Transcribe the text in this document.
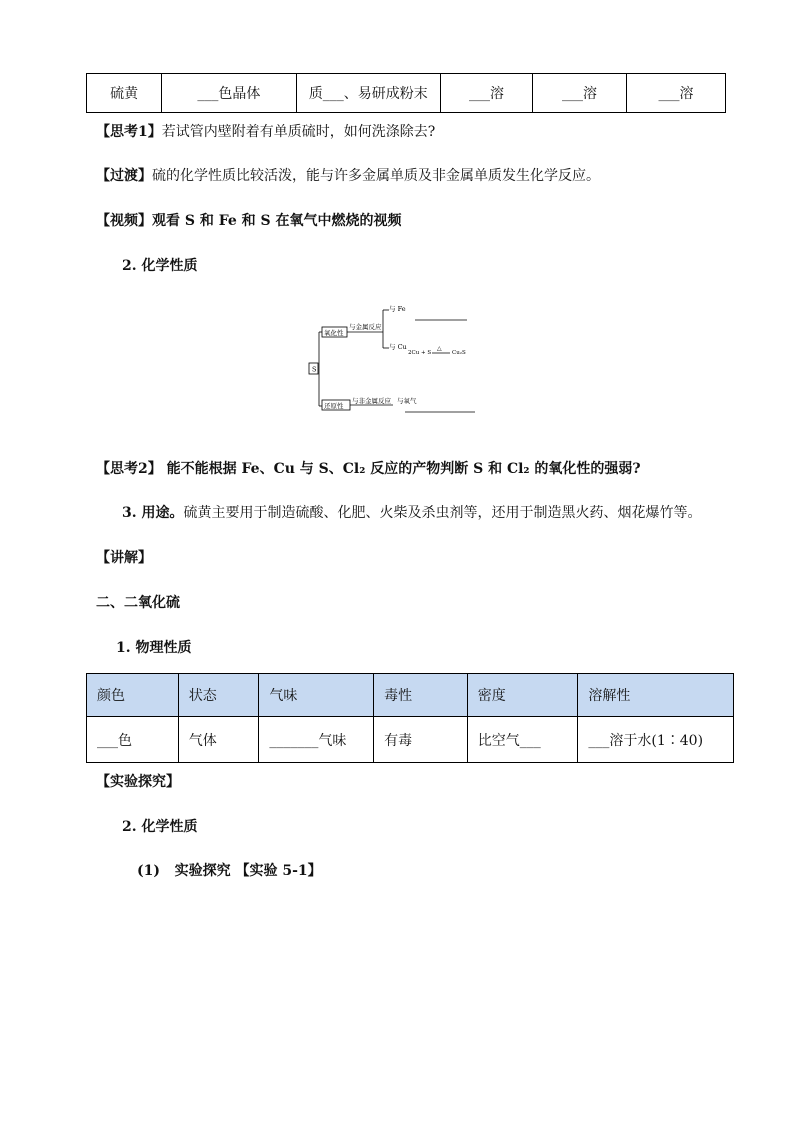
硫黄	___色晶体	质___、易研成粉末	___溶	___溶	___溶
【思考1】若试管内壁附着有单质硫时，如何洗涤除去?
【过渡】硫的化学性质比较活泼，能与许多金属单质及非金属单质发生化学反应。
【视频】观看 S 和 Fe 和 S 在氧气中燃烧的视频
2. 化学性质
S
氧化性
还原性
与金属反应
与 Fe
与 Cu
2Cu + S
△
Cu₂S
与非金属反应 与氧气
【思考2】 能不能根据 Fe、Cu 与 S、Cl₂ 反应的产物判断 S 和 Cl₂ 的氧化性的强弱?
3. 用途。硫黄主要用于制造硫酸、化肥、火柴及杀虫剂等，还用于制造黑火药、烟花爆竹等。
【讲解】
二、二氧化硫
1. 物理性质
颜色	状态	气味	毒性	密度	溶解性
___色	气体	_______气味	有毒	比空气___	___溶于水(1∶40)
【实验探究】
2. 化学性质
(1) 实验探究 【实验 5-1】
